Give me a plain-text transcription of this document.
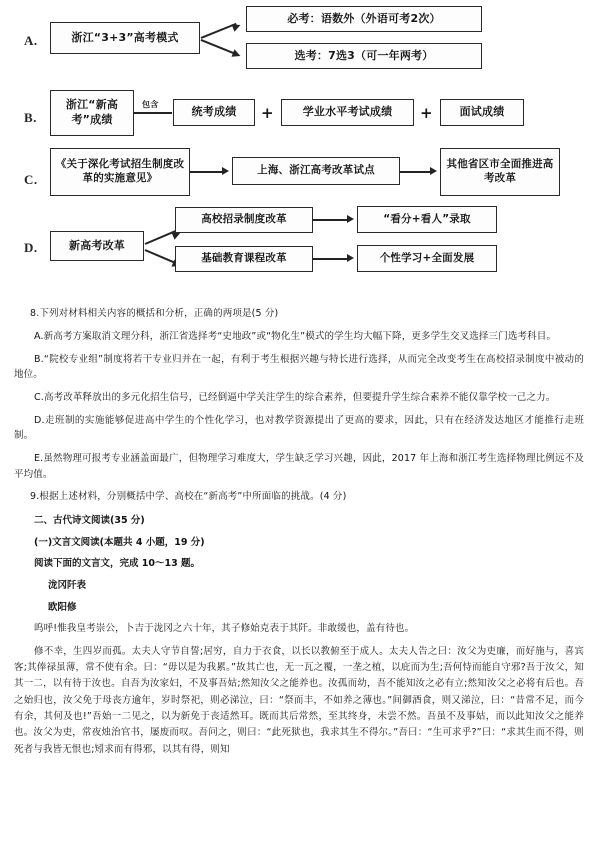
A.	浙江“3+3”高考模式
必考：语数外（外语可考2次）
选考：7选3（可一年两考）
B.
浙江“新高考”成绩
包含
统考成绩	+	学业水平考试成绩	+	面试成绩
C.
《关于深化考试招生制度改革的实施意见》
上海、浙江高考改革试点	其他省区市全面推进高考改革
D.	新高考改革
高校招录制度改革
基础教育课程改革
“看分+看人”录取
个性学习+全面发展

8.下列对材料相关内容的概括和分析，正确的两项是(5 分)

A.新高考方案取消文理分科，浙江省选择考“史地政”或“物化生”模式的学生均大幅下降，更多学生交叉选择三门选考科目。

B.“院校专业组”制度将若干专业归并在一起，有利于考生根据兴趣与特长进行选择，从而完全改变考生在高校招录制度中被动的地位。

C.高考改革释放出的多元化招生信号，已经倒逼中学关注学生的综合素养，但要提升学生综合素养不能仅靠学校一己之力。

D.走班制的实施能够促进高中学生的个性化学习，也对教学资源提出了更高的要求，因此，只有在经济发达地区才能推行走班制。

E.虽然物理可报考专业涵盖面最广，但物理学习难度大，学生缺乏学习兴趣，因此，2017 年上海和浙江考生选择物理比例远不及平均值。

9.根据上述材料，分别概括中学、高校在“新高考”中所面临的挑战。(4 分)

二、古代诗文阅读(35 分)

(一)文言文阅读(本题共 4 小题，19 分)

阅读下面的文言文，完成 10～13 题。

泷冈阡表

欧阳修

呜呼!惟我皇考崇公，卜吉于泷冈之六十年，其子修始克表于其阡。非敢缓也，盖有待也。

修不幸，生四岁而孤。太夫人守节自誓;居穷，自力于衣食，以长以教俯至于成人。太夫人告之曰：汝父为吏廉，而好施与，喜宾客;其俸禄虽薄，常不使有余。曰：“毋以是为我累。”故其亡也，无一瓦之覆，一垄之植，以庇而为生;吾何恃而能自守邪?吾于汝父，知其一二，以有待于汝也。自吾为汝家妇，不及事吾姑;然知汝父之能养也。汝孤而幼，吾不能知汝之必有立;然知汝父之必将有后也。吾之始归也，汝父免于母丧方逾年，岁时祭祀，则必涕泣，曰：“祭而丰，不如养之薄也。”间御酒食，则又涕泣，曰：“昔常不足，而今有余，其何及也!”吾始一二见之，以为新免于丧适然耳。既而其后常然，至其终身，未尝不然。吾虽不及事姑，而以此知汝父之能养也。汝父为吏，常夜烛治官书，屡废而叹。吾问之，则曰：“此死狱也，我求其生不得尔。”吾曰：“生可求乎?”曰：“求其生而不得，则死者与我皆无恨也;矧求而有得邪，以其有得，则知
